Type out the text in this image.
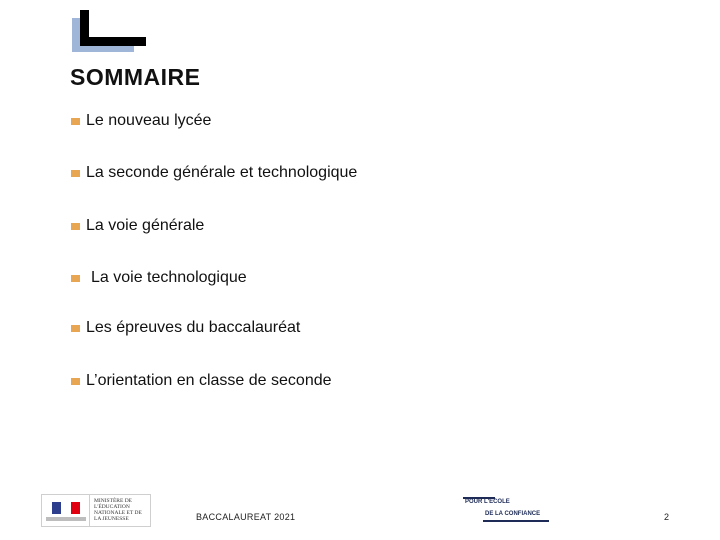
SOMMAIRE
Le nouveau lycée
La seconde générale et technologique
La voie générale
La voie technologique
Les épreuves du baccalauréat
L’orientation en classe de seconde
MINISTÈRE DE L'ÉDUCATION NATIONALE ET DE LA JEUNESSE	BACCALAUREAT 2021
POUR L'ÉCOLE
DE LA CONFIANCE	2
